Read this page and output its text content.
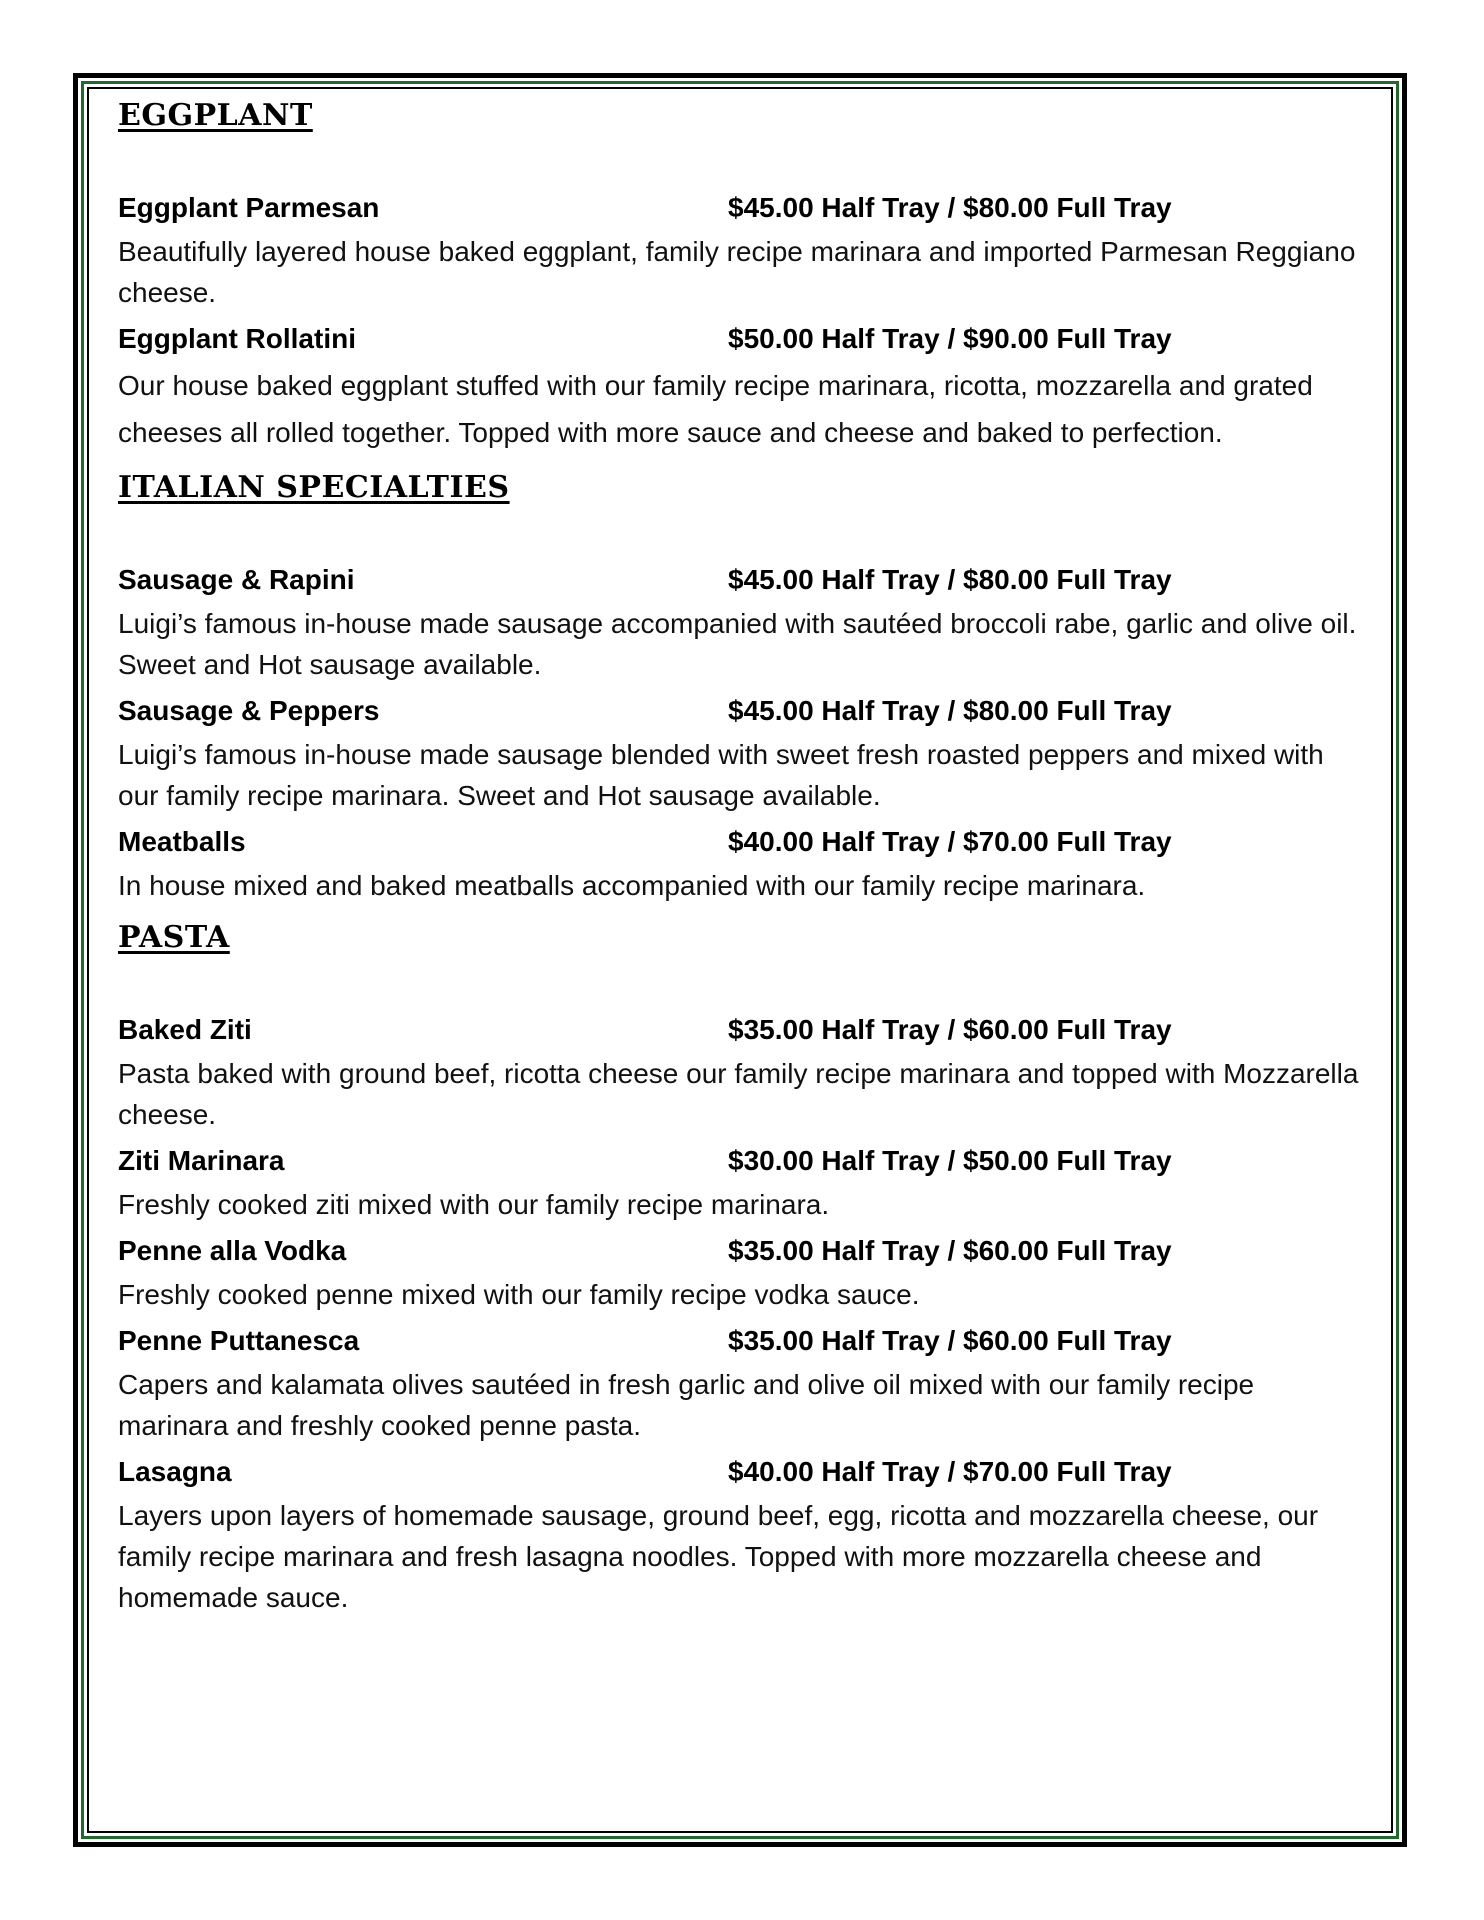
EGGPLANT
Eggplant Parmesan	$45.00 Half Tray / $80.00 Full Tray
Beautifully layered house baked eggplant, family recipe marinara and imported Parmesan Reggiano cheese.
Eggplant Rollatini	$50.00 Half Tray / $90.00 Full Tray
Our house baked eggplant stuffed with our family recipe marinara, ricotta, mozzarella and grated cheeses all rolled together. Topped with more sauce and cheese and baked to perfection.
ITALIAN SPECIALTIES
Sausage & Rapini	$45.00 Half Tray / $80.00 Full Tray
Luigi’s famous in-house made sausage accompanied with sautéed broccoli rabe, garlic and olive oil. Sweet and Hot sausage available.
Sausage & Peppers	$45.00 Half Tray / $80.00 Full Tray
Luigi’s famous in-house made sausage blended with sweet fresh roasted peppers and mixed with our family recipe marinara. Sweet and Hot sausage available.
Meatballs	$40.00 Half Tray / $70.00 Full Tray
In house mixed and baked meatballs accompanied with our family recipe marinara.
PASTA
Baked Ziti	$35.00 Half Tray / $60.00 Full Tray
Pasta baked with ground beef, ricotta cheese our family recipe marinara and topped with Mozzarella cheese.
Ziti Marinara	$30.00 Half Tray / $50.00 Full Tray
Freshly cooked ziti mixed with our family recipe marinara.
Penne alla Vodka	$35.00 Half Tray / $60.00 Full Tray
Freshly cooked penne mixed with our family recipe vodka sauce.
Penne Puttanesca	$35.00 Half Tray / $60.00 Full Tray
Capers and kalamata olives sautéed in fresh garlic and olive oil mixed with our family recipe marinara and freshly cooked penne pasta.
Lasagna	$40.00 Half Tray / $70.00 Full Tray
Layers upon layers of homemade sausage, ground beef, egg, ricotta and mozzarella cheese, our family recipe marinara and fresh lasagna noodles. Topped with more mozzarella cheese and homemade sauce.
